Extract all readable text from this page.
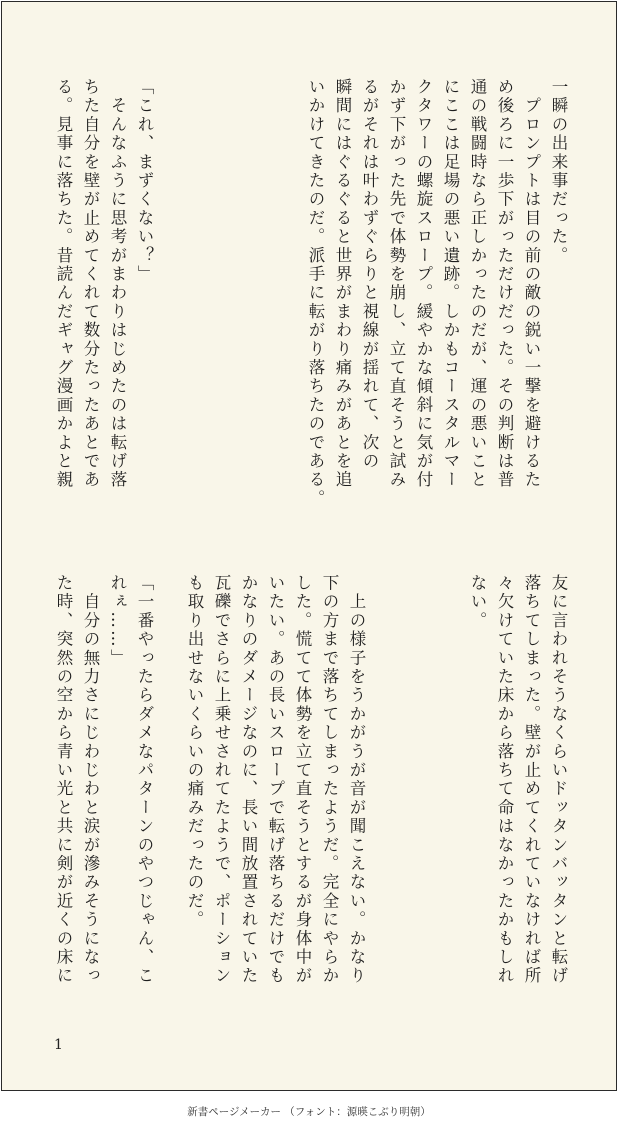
一瞬の出来事だった。
　プロンプトは目の前の敵の鋭い一撃を避けるた
め後ろに一歩下がっただけだった。その判断は普
通の戦闘時なら正しかったのだが、運の悪いこと
にここは足場の悪い遺跡。しかもコースタルマー
クタワーの螺旋スロープ。緩やかな傾斜に気が付
かず下がった先で体勢を崩し、立て直そうと試み
るがそれは叶わずぐらりと視線が揺れて、次の
瞬間にはぐるぐると世界がまわり痛みがあとを追
いかけてきたのだ。派手に転がり落ちたのである。

「これ、まずくない？」
　そんなふうに思考がまわりはじめたのは転げ落
ちた自分を壁が止めてくれて数分たったあとであ
る。見事に落ちた。昔読んだギャグ漫画かよと親

友に言われそうなくらいドッタンバッタンと転げ
落ちてしまった。壁が止めてくれていなければ所
々欠けていた床から落ちて命はなかったかもしれ
ない。

　上の様子をうかがうが音が聞こえない。かなり
下の方まで落ちてしまったようだ。完全にやらか
した。慌てて体勢を立て直そうとするが身体中が
いたい。あの長いスロープで転げ落ちるだけでも
かなりのダメージなのに、長い間放置されていた
瓦礫でさらに上乗せされてたようで、ポーション
も取り出せないくらいの痛みだったのだ。

「一番やったらダメなパターンのやつじゃん、こ
れぇ……」
　自分の無力さにじわじわと涙が滲みそうになっ
た時、突然の空から青い光と共に剣が近くの床に

1
新書ページメーカー （フォント：源暎こぶり明朝）
